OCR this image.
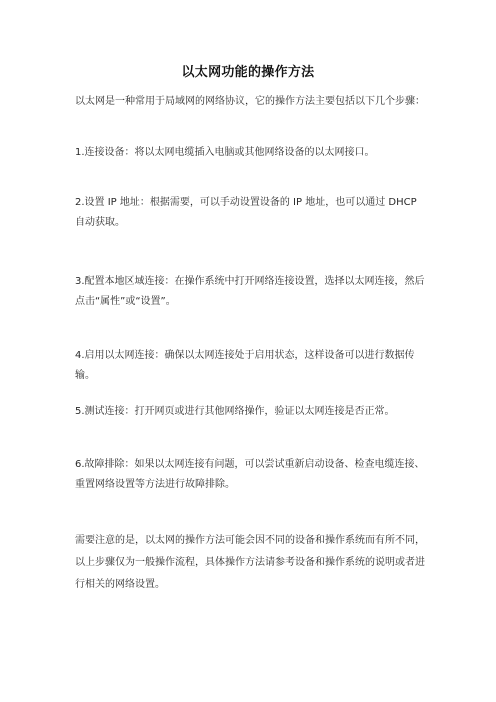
以太网功能的操作方法
以太网是一种常用于局域网的网络协议，它的操作方法主要包括以下几个步骤：
1.连接设备：将以太网电缆插入电脑或其他网络设备的以太网接口。
2.设置 IP 地址：根据需要，可以手动设置设备的 IP 地址，也可以通过 DHCP 自动获取。
3.配置本地区域连接：在操作系统中打开网络连接设置，选择以太网连接，然后点击“属性”或“设置”。
4.启用以太网连接：确保以太网连接处于启用状态，这样设备可以进行数据传输。
5.测试连接：打开网页或进行其他网络操作，验证以太网连接是否正常。
6.故障排除：如果以太网连接有问题，可以尝试重新启动设备、检查电缆连接、重置网络设置等方法进行故障排除。
需要注意的是，以太网的操作方法可能会因不同的设备和操作系统而有所不同，以上步骤仅为一般操作流程，具体操作方法请参考设备和操作系统的说明或者进行相关的网络设置。
